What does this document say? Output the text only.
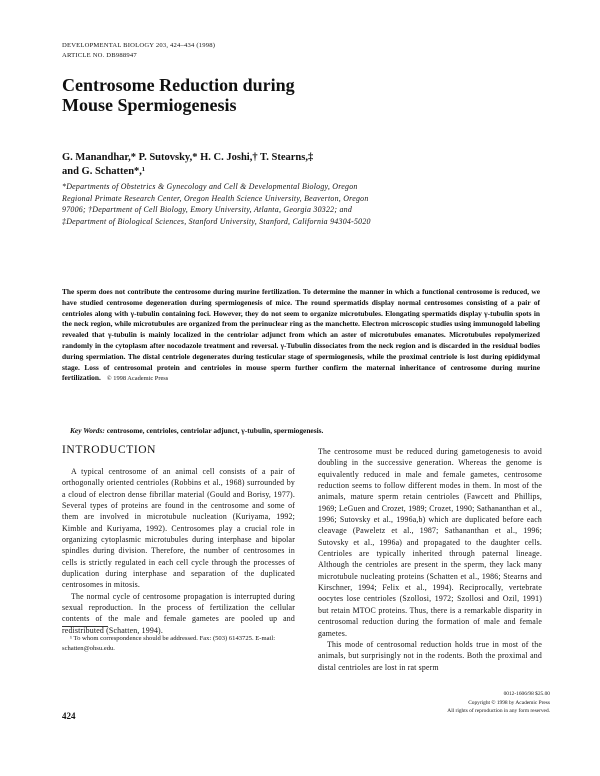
DEVELOPMENTAL BIOLOGY 203, 424–434 (1998)
ARTICLE NO. DB988947
Centrosome Reduction during
Mouse Spermiogenesis
G. Manandhar,* P. Sutovsky,* H. C. Joshi,† T. Stearns,‡
and G. Schatten*,¹
*Departments of Obstetrics & Gynecology and Cell & Developmental Biology, Oregon
Regional Primate Research Center, Oregon Health Science University, Beaverton, Oregon
97006; †Department of Cell Biology, Emory University, Atlanta, Georgia 30322; and
‡Department of Biological Sciences, Stanford University, Stanford, California 94304-5020
The sperm does not contribute the centrosome during murine fertilization. To determine the manner in which a functional centrosome is reduced, we have studied centrosome degeneration during spermiogenesis of mice. The round spermatids display normal centrosomes consisting of a pair of centrioles along with γ-tubulin containing foci. However, they do not seem to organize microtubules. Elongating spermatids display γ-tubulin spots in the neck region, while microtubules are organized from the perinuclear ring as the manchette. Electron microscopic studies using immunogold labeling revealed that γ-tubulin is mainly localized in the centriolar adjunct from which an aster of microtubules emanates. Microtubules repolymerized randomly in the cytoplasm after nocodazole treatment and reversal. γ-Tubulin dissociates from the neck region and is discarded in the residual bodies during spermiation. The distal centriole degenerates during testicular stage of spermiogenesis, while the proximal centriole is lost during epididymal stage. Loss of centrosomal protein and centrioles in mouse sperm further confirm the maternal inheritance of centrosome during murine fertilization. © 1998 Academic Press
Key Words: centrosome, centrioles, centriolar adjunct, γ-tubulin, spermiogenesis.
INTRODUCTION

A typical centrosome of an animal cell consists of a pair of orthogonally oriented centrioles (Robbins et al., 1968) surrounded by a cloud of electron dense fibrillar material (Gould and Borisy, 1977). Several types of proteins are found in the centrosome and some of them are involved in microtubule nucleation (Kuriyama, 1992; Kimble and Kuriyama, 1992). Centrosomes play a crucial role in organizing cytoplasmic microtubules during interphase and bipolar spindles during division. Therefore, the number of centrosomes in cells is strictly regulated in each cell cycle through the processes of duplication during interphase and separation of the duplicated centrosomes in mitosis.

The normal cycle of centrosome propagation is interrupted during sexual reproduction. In the process of fertilization the cellular contents of the male and female gametes are pooled up and redistributed (Schatten, 1994).

The centrosome must be reduced during gametogenesis to avoid doubling in the successive generation. Whereas the genome is equivalently reduced in male and female gametes, centrosome reduction seems to follow different modes in them. In most of the animals, mature sperm retain centrioles (Fawcett and Phillips, 1969; LeGuen and Crozet, 1989; Crozet, 1990; Sathananthan et al., 1996; Sutovsky et al., 1996a,b) which are duplicated before each cleavage (Paweletz et al., 1987; Sathananthan et al., 1996; Sutovsky et al., 1996a) and propagated to the daughter cells. Centrioles are typically inherited through paternal lineage. Although the centrioles are present in the sperm, they lack many microtubule nucleating proteins (Schatten et al., 1986; Stearns and Kirschner, 1994; Felix et al., 1994). Reciprocally, vertebrate oocytes lose centrioles (Szollosi, 1972; Szollosi and Ozil, 1991) but retain MTOC proteins. Thus, there is a remarkable disparity in centrosomal reduction during the formation of male and female gametes.

This mode of centrosomal reduction holds true in most of the animals, but surprisingly not in the rodents. Both the proximal and distal centrioles are lost in rat sperm

¹ To whom correspondence should be addressed. Fax: (503) 6143725. E-mail: schatten@ohsu.edu.
0012-1606/98 $25.00
Copyright © 1998 by Academic Press
All rights of reproduction in any form reserved.
424
